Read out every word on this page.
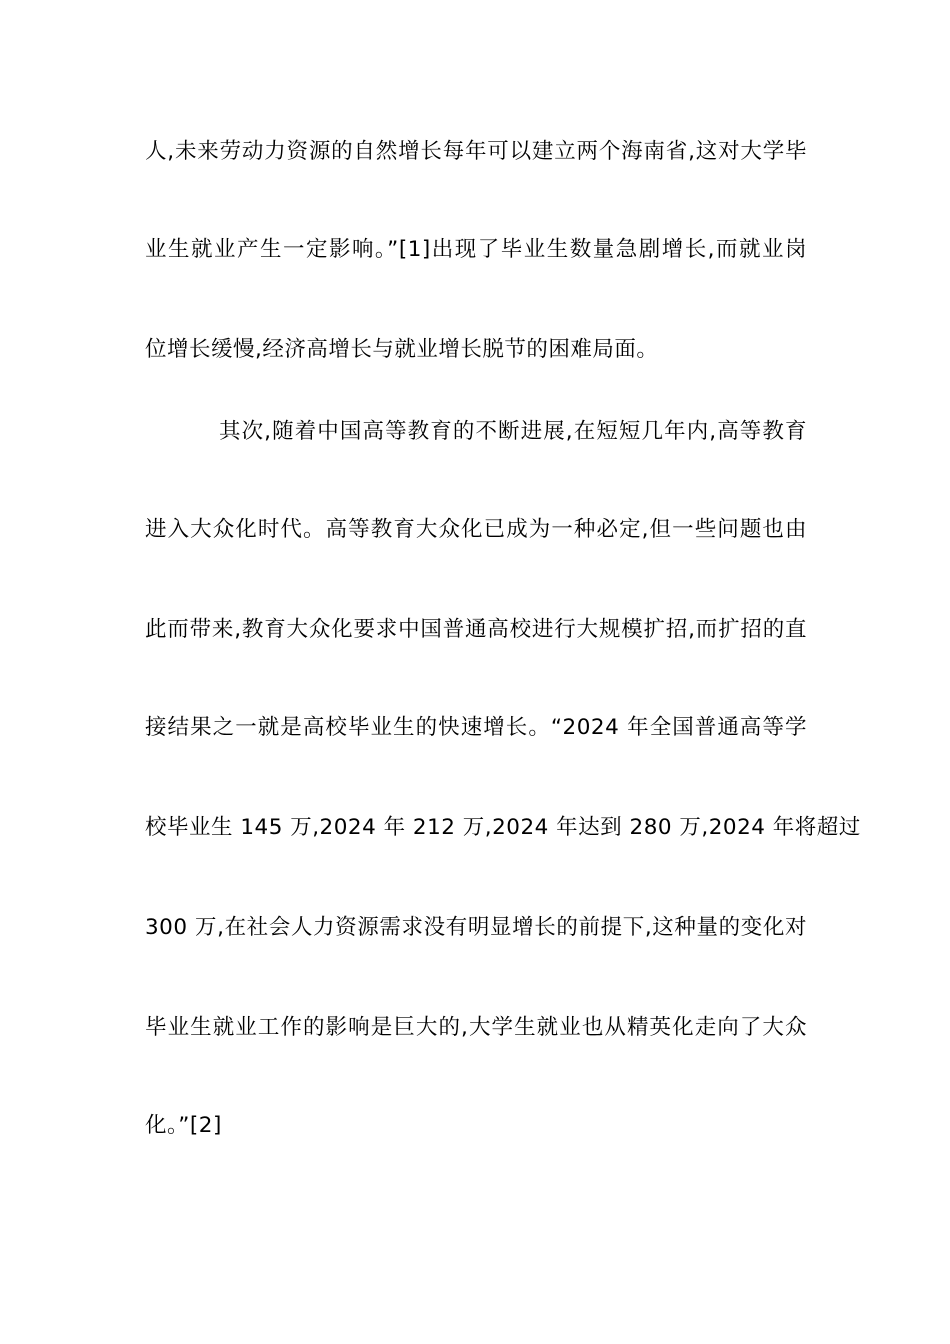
人,未来劳动力资源的自然增长每年可以建立两个海南省,这对大学毕
业生就业产生一定影响。”[1]出现了毕业生数量急剧增长,而就业岗
位增长缓慢,经济高增长与就业增长脱节的困难局面。
其次,随着中国高等教育的不断进展,在短短几年内,高等教育
进入大众化时代。高等教育大众化已成为一种必定,但一些问题也由
此而带来,教育大众化要求中国普通高校进行大规模扩招,而扩招的直
接结果之一就是高校毕业生的快速增长。“2024 年全国普通高等学
校毕业生 145 万,2024 年 212 万,2024 年达到 280 万,2024 年将超过
300 万,在社会人力资源需求没有明显增长的前提下,这种量的变化对
毕业生就业工作的影响是巨大的,大学生就业也从精英化走向了大众
化。”[2]
